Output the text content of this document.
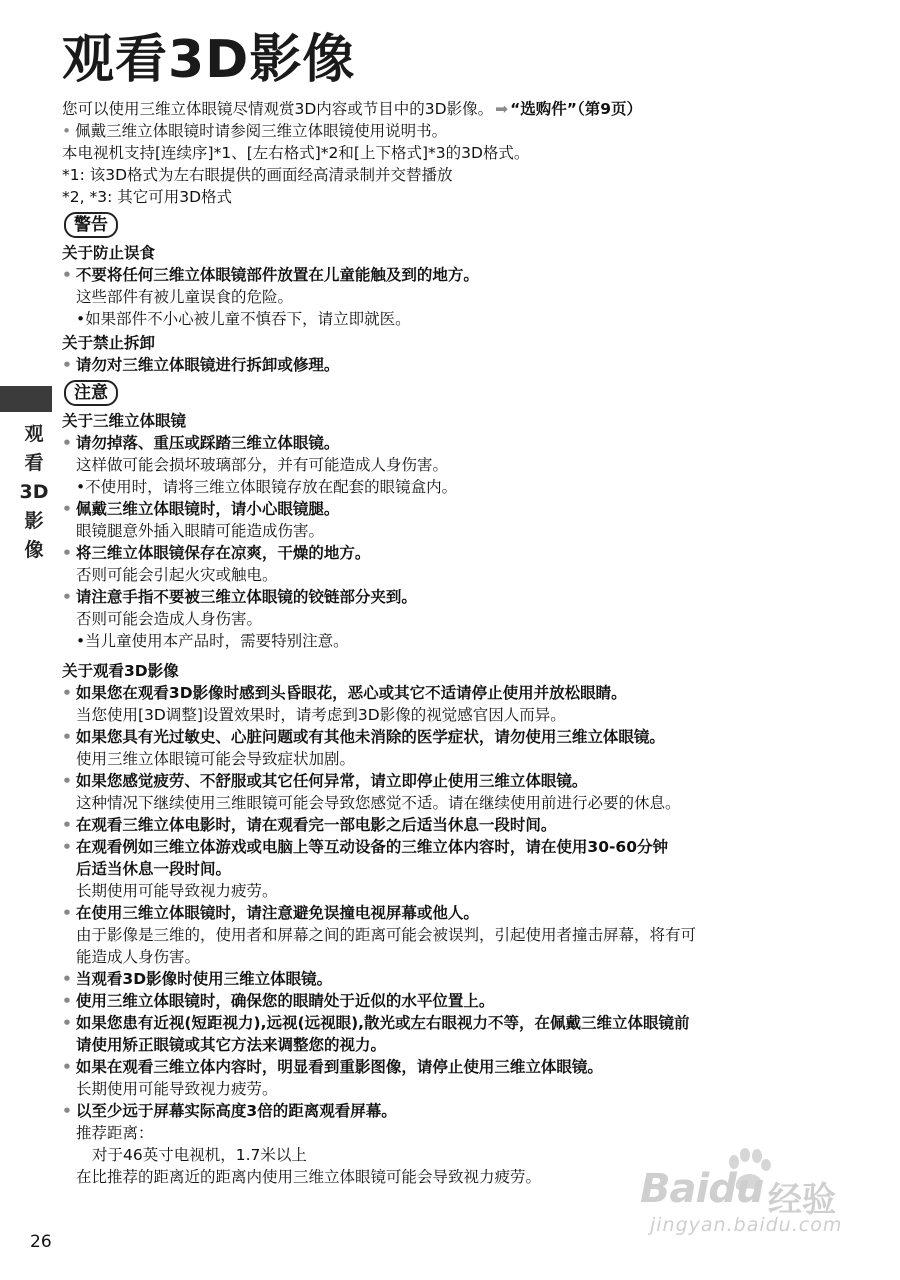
观看3D影像
观
看
3D
影
像

您可以使用三维立体眼镜尽情观赏3D内容或节目中的3D影像。 ➡ “选购件”（第9页）

• 佩戴三维立体眼镜时请参阅三维立体眼镜使用说明书。

本电视机支持[连续序]*1、[左右格式]*2和[上下格式]*3的3D格式。

*1: 该3D格式为左右眼提供的画面经高清录制并交替播放

*2, *3: 其它可用3D格式

警告

关于防止误食

• 不要将任何三维立体眼镜部件放置在儿童能触及到的地方。

这些部件有被儿童误食的危险。

•如果部件不小心被儿童不慎吞下，请立即就医。

关于禁止拆卸

• 请勿对三维立体眼镜进行拆卸或修理。

注意

关于三维立体眼镜

• 请勿掉落、重压或踩踏三维立体眼镜。

这样做可能会损坏玻璃部分，并有可能造成人身伤害。

•不使用时，请将三维立体眼镜存放在配套的眼镜盒内。

• 佩戴三维立体眼镜时，请小心眼镜腿。

眼镜腿意外插入眼睛可能造成伤害。

• 将三维立体眼镜保存在凉爽，干燥的地方。

否则可能会引起火灾或触电。

• 请注意手指不要被三维立体眼镜的铰链部分夹到。

否则可能会造成人身伤害。

•当儿童使用本产品时，需要特别注意。

关于观看3D影像

• 如果您在观看3D影像时感到头昏眼花，恶心或其它不适请停止使用并放松眼睛。

当您使用[3D调整]设置效果时，请考虑到3D影像的视觉感官因人而异。

• 如果您具有光过敏史、心脏问题或有其他未消除的医学症状，请勿使用三维立体眼镜。

使用三维立体眼镜可能会导致症状加剧。

• 如果您感觉疲劳、不舒服或其它任何异常，请立即停止使用三维立体眼镜。

这种情况下继续使用三维眼镜可能会导致您感觉不适。请在继续使用前进行必要的休息。

• 在观看三维立体电影时，请在观看完一部电影之后适当休息一段时间。

• 在观看例如三维立体游戏或电脑上等互动设备的三维立体内容时，请在使用30-60分钟

后适当休息一段时间。

长期使用可能导致视力疲劳。

• 在使用三维立体眼镜时，请注意避免误撞电视屏幕或他人。

由于影像是三维的，使用者和屏幕之间的距离可能会被误判，引起使用者撞击屏幕，将有可

能造成人身伤害。

• 当观看3D影像时使用三维立体眼镜。

• 使用三维立体眼镜时，确保您的眼睛处于近似的水平位置上。

• 如果您患有近视(短距视力),远视(远视眼),散光或左右眼视力不等，在佩戴三维立体眼镜前

请使用矫正眼镜或其它方法来调整您的视力。

• 如果在观看三维立体内容时，明显看到重影图像，请停止使用三维立体眼镜。

长期使用可能导致视力疲劳。

• 以至少远于屏幕实际高度3倍的距离观看屏幕。

推荐距离：

对于46英寸电视机，1.7米以上

在比推荐的距离近的距离内使用三维立体眼镜可能会导致视力疲劳。

26
Baidu 经验
jingyan.baidu.com
